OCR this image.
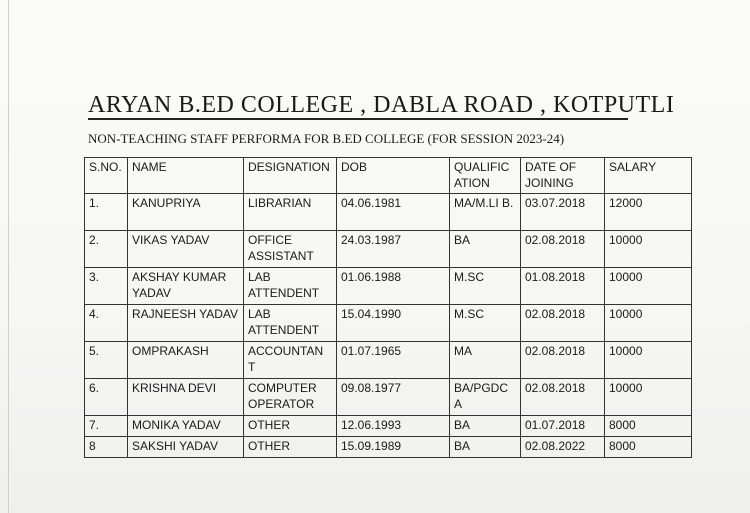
ARYAN B.ED COLLEGE , DABLA ROAD , KOTPUTLI
NON-TEACHING STAFF PERFORMA FOR B.ED COLLEGE (FOR SESSION 2023-24)
S.NO.	NAME	DESIGNATION	DOB	QUALIFIC ATION	DATE OF JOINING	SALARY
1.	KANUPRIYA	LIBRARIAN	04.06.1981	MA/M.LI B.	03.07.2018	12000
2.	VIKAS YADAV	OFFICE ASSISTANT	24.03.1987	BA	02.08.2018	10000
3.	AKSHAY KUMAR YADAV	LAB ATTENDENT	01.06.1988	M.SC	01.08.2018	10000
4.	RAJNEESH YADAV	LAB ATTENDENT	15.04.1990	M.SC	02.08.2018	10000
5.	OMPRAKASH	ACCOUNTAN T	01.07.1965	MA	02.08.2018	10000
6.	KRISHNA DEVI	COMPUTER OPERATOR	09.08.1977	BA/PGDC A	02.08.2018	10000
7.	MONIKA YADAV	OTHER	12.06.1993	BA	01.07.2018	8000
8	SAKSHI YADAV	OTHER	15.09.1989	BA	02.08.2022	8000
